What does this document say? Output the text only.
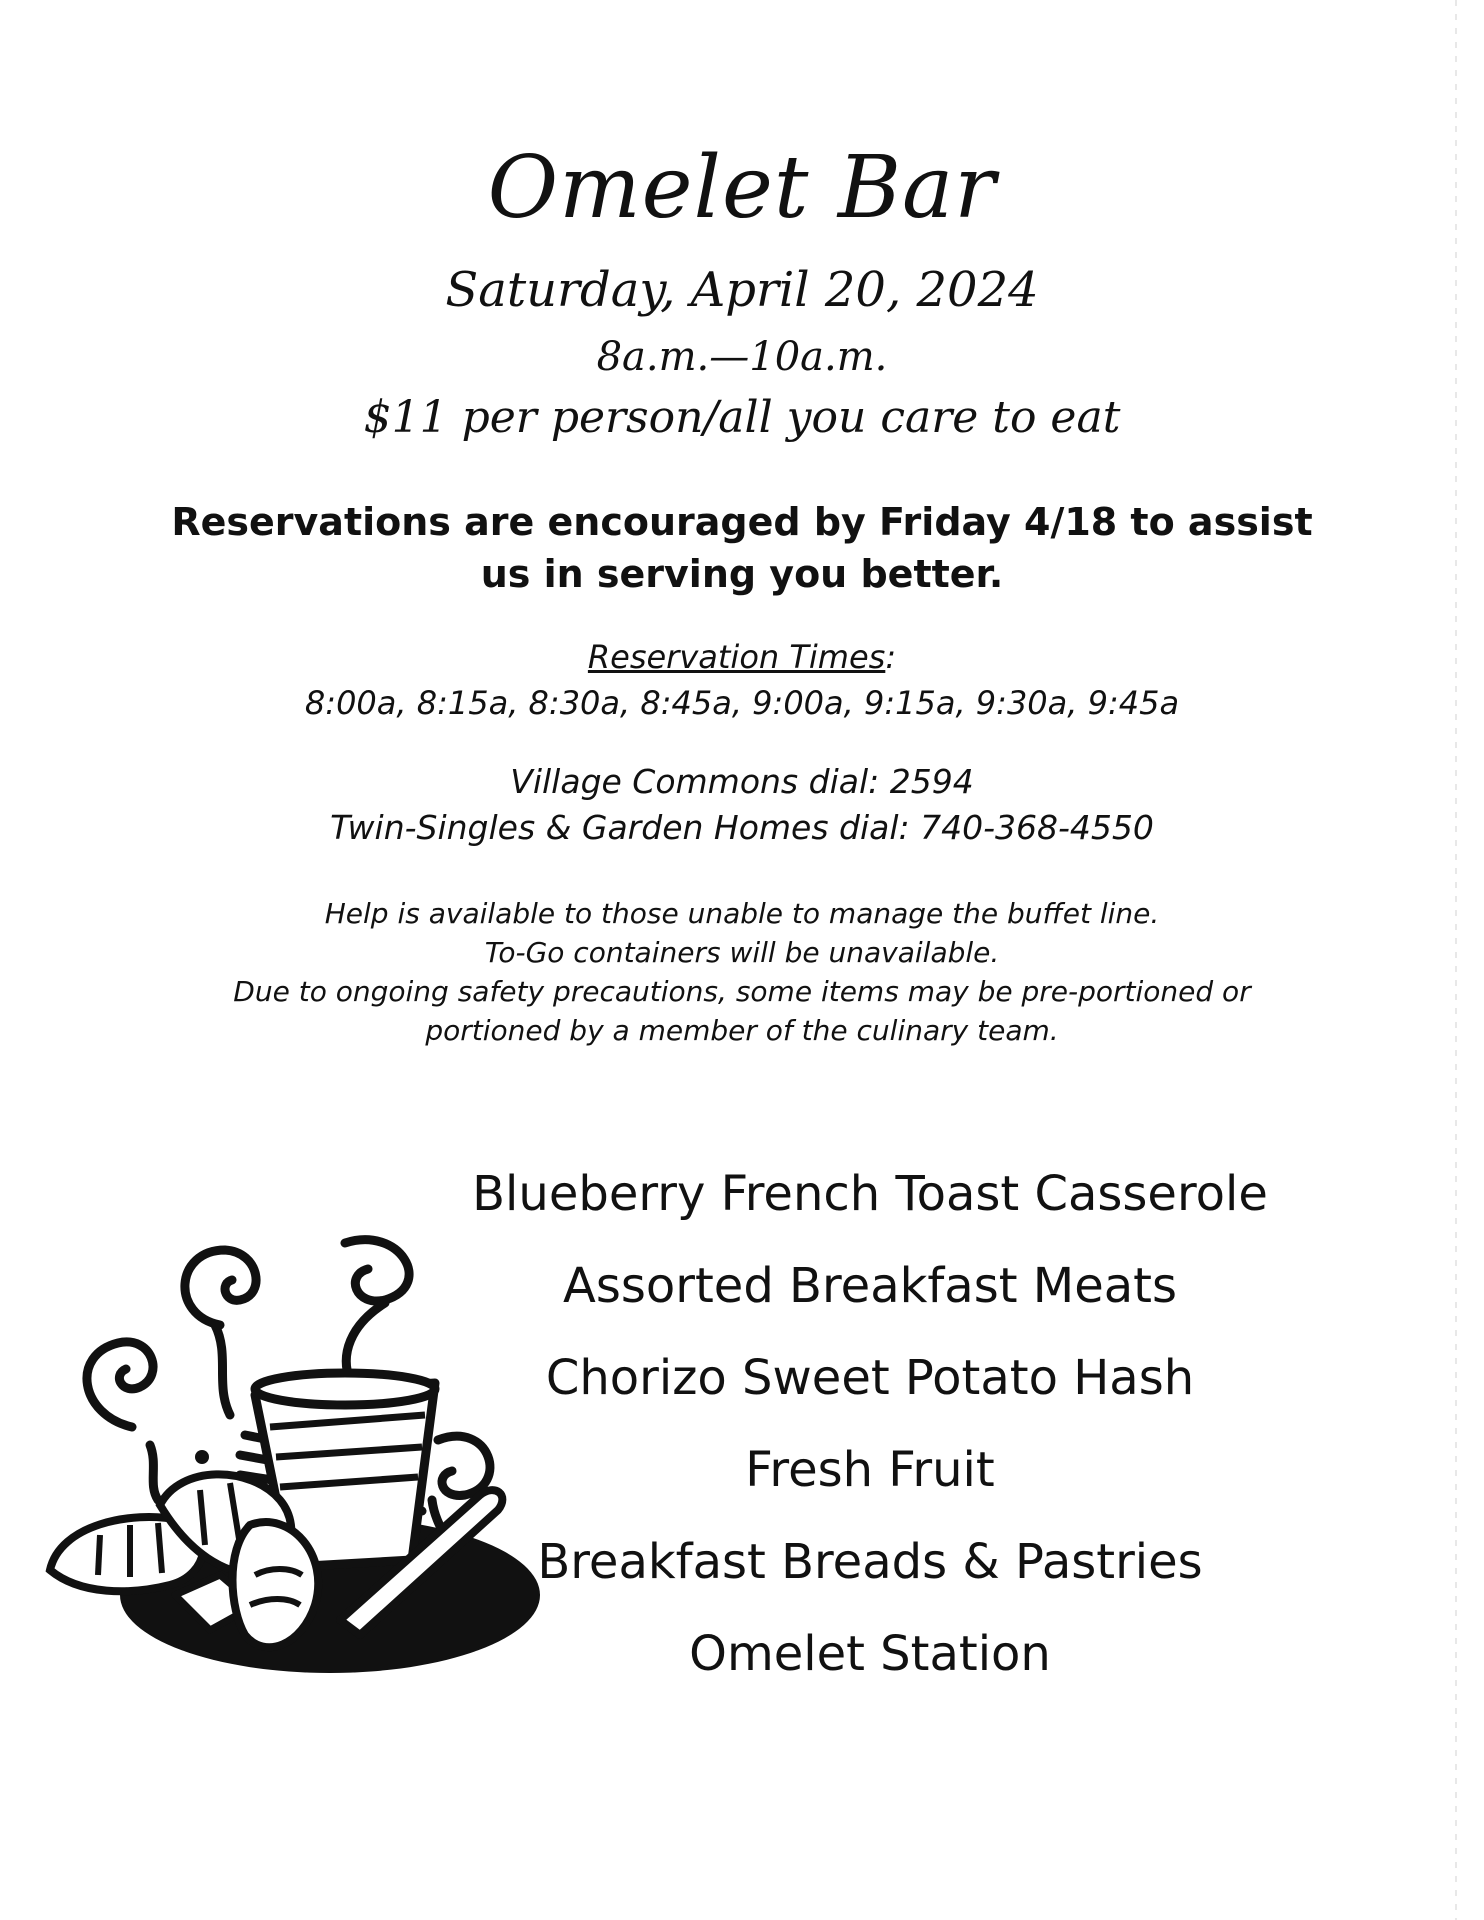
Omelet Bar
Saturday, April 20, 2024
8a.m.—10a.m.
$11 per person/all you care to eat
Reservations are encouraged by Friday 4/18 to assist
us in serving you better.
Reservation Times:
8:00a, 8:15a, 8:30a, 8:45a, 9:00a, 9:15a, 9:30a, 9:45a
Village Commons dial: 2594
Twin-Singles & Garden Homes dial: 740-368-4550
Help is available to those unable to manage the buffet line.
To-Go containers will be unavailable.
Due to ongoing safety precautions, some items may be pre-portioned or
portioned by a member of the culinary team.
Blueberry French Toast Casserole
Assorted Breakfast Meats
Chorizo Sweet Potato Hash
Fresh Fruit
Breakfast Breads & Pastries
Omelet Station
